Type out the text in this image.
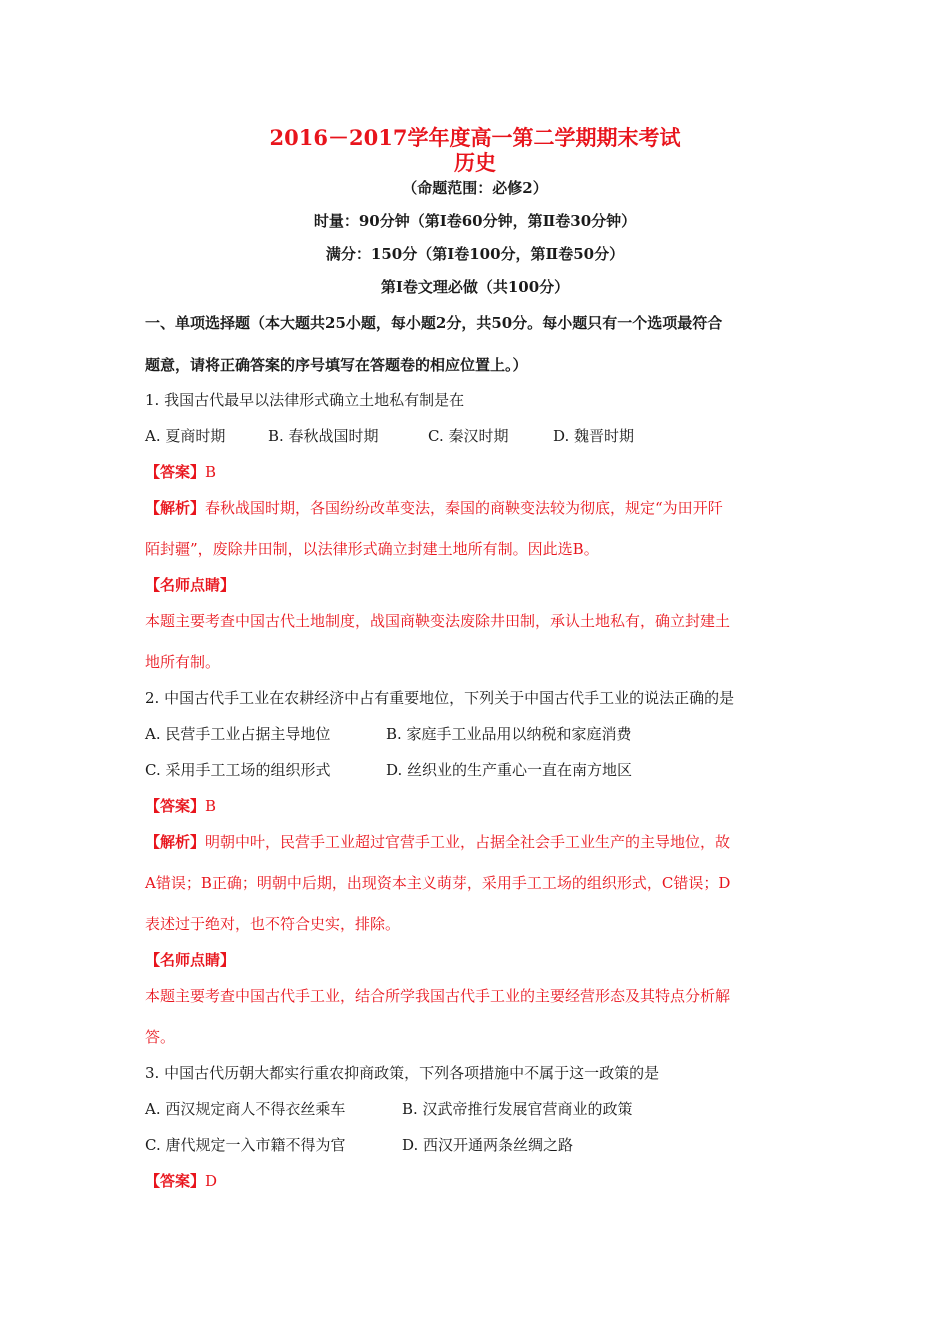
2016－2017学年度高一第二学期期末考试
历史
（命题范围：必修2）
时量：90分钟（第Ⅰ卷60分钟，第Ⅱ卷30分钟）
满分：150分（第Ⅰ卷100分，第Ⅱ卷50分）
第Ⅰ卷文理必做（共100分）
一、单项选择题（本大题共25小题，每小题2分，共50分。每小题只有一个选项最符合
题意，请将正确答案的序号填写在答题卷的相应位置上。）
1. 我国古代最早以法律形式确立土地私有制是在
A. 夏商时期	B. 春秋战国时期	C. 秦汉时期	D. 魏晋时期
【答案】B
【解析】春秋战国时期，各国纷纷改革变法，秦国的商鞅变法较为彻底，规定“为田开阡
陌封疆”，废除井田制，以法律形式确立封建土地所有制。因此选B。
【名师点睛】
本题主要考查中国古代土地制度，战国商鞅变法废除井田制，承认土地私有，确立封建土
地所有制。
2. 中国古代手工业在农耕经济中占有重要地位，下列关于中国古代手工业的说法正确的是
A. 民营手工业占据主导地位	B. 家庭手工业品用以纳税和家庭消费
C. 采用手工工场的组织形式	D. 丝织业的生产重心一直在南方地区
【答案】B
【解析】明朝中叶，民营手工业超过官营手工业，占据全社会手工业生产的主导地位，故
A错误；B正确；明朝中后期，出现资本主义萌芽，采用手工工场的组织形式，C错误；D
表述过于绝对，也不符合史实，排除。
【名师点睛】
本题主要考查中国古代手工业，结合所学我国古代手工业的主要经营形态及其特点分析解
答。
3. 中国古代历朝大都实行重农抑商政策，下列各项措施中不属于这一政策的是
A. 西汉规定商人不得衣丝乘车	B. 汉武帝推行发展官营商业的政策
C. 唐代规定一入市籍不得为官	D. 西汉开通两条丝绸之路
【答案】D
